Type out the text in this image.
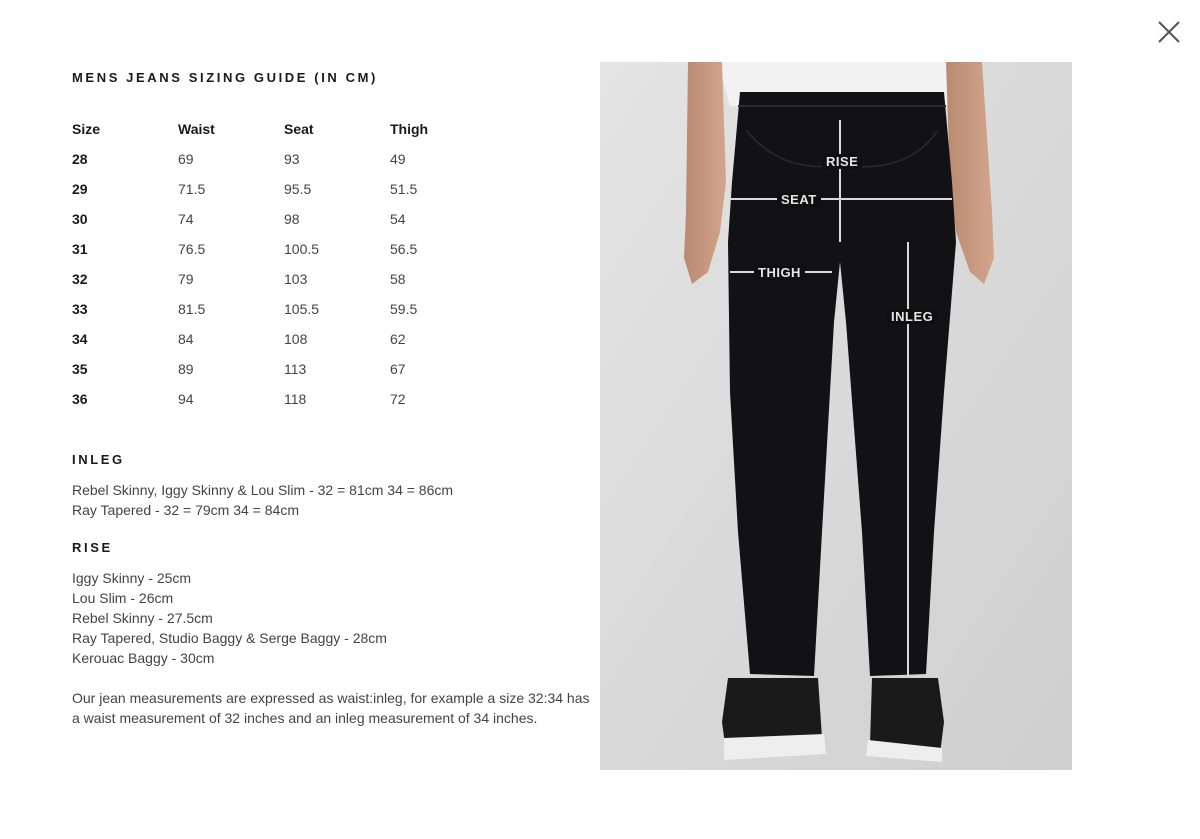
MENS JEANS SIZING GUIDE (IN CM)
Size	Waist	Seat	Thigh
28	69	93	49
29	71.5	95.5	51.5
30	74	98	54
31	76.5	100.5	56.5
32	79	103	58
33	81.5	105.5	59.5
34	84	108	62
35	89	113	67
36	94	118	72
INLEG

Rebel Skinny, Iggy Skinny & Lou Slim - 32 = 81cm 34 = 86cm

Ray Tapered - 32 = 79cm 34 = 84cm

RISE

Iggy Skinny - 25cm

Lou Slim - 26cm

Rebel Skinny - 27.5cm

Ray Tapered, Studio Baggy & Serge Baggy - 28cm

Kerouac Baggy - 30cm

Our jean measurements are expressed as waist:inleg, for example a size 32:34 has a waist measurement of 32 inches and an inleg measurement of 34 inches.

RISE
SEAT
THIGH
INLEG
